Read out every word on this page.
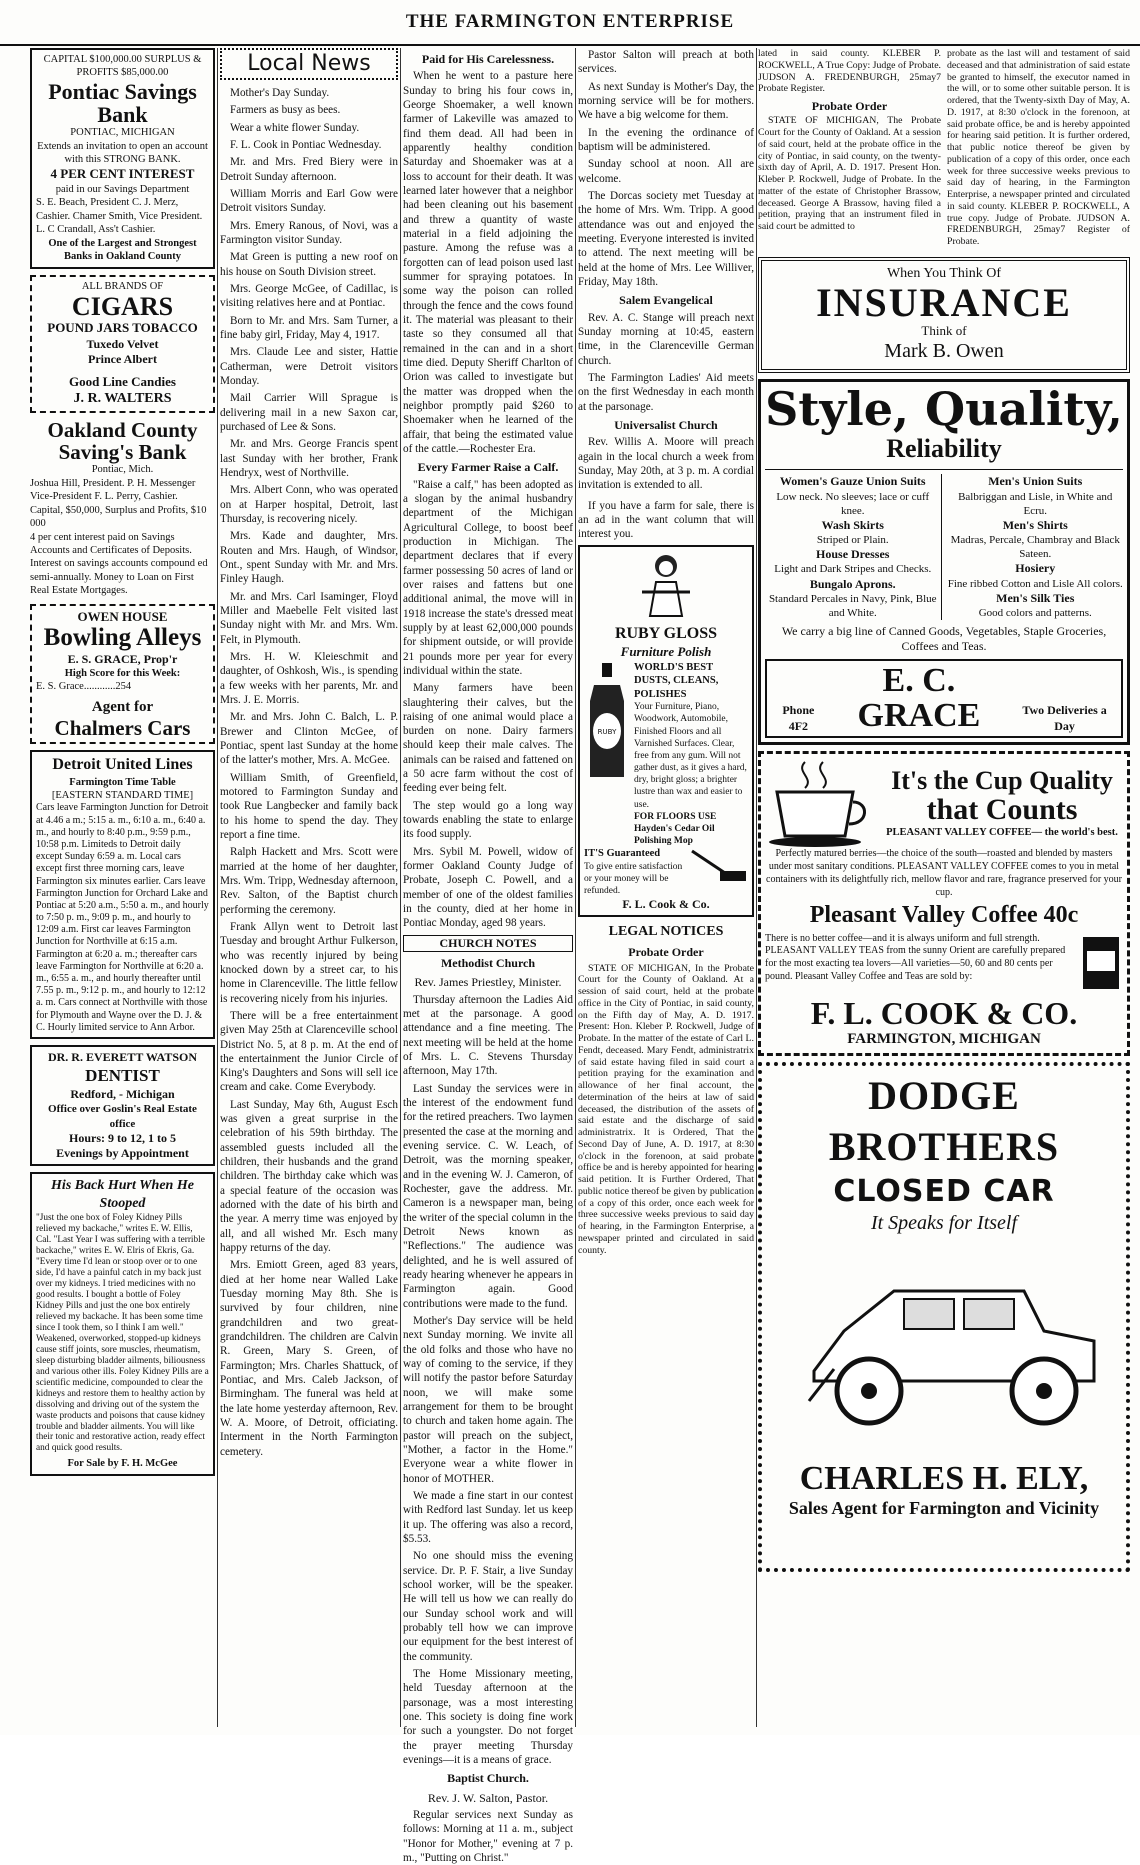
THE FARMINGTON ENTERPRISE
CAPITAL $100,000.00 SURPLUS & PROFITS $85,000.00
Pontiac Savings Bank
PONTIAC, MICHIGAN
Extends an invitation to open an account with this STRONG BANK.
4 PER CENT INTEREST
paid in our Savings Department
S. E. Beach, President C. J. Merz, Cashier. Chamer Smith, Vice President. L. C Crandall, Ass't Cashier.
One of the Largest and Strongest Banks in Oakland County
ALL BRANDS OF
CIGARS
POUND JARS TOBACCO
Tuxedo Velvet
Prince Albert
Good Line Candies
J. R. WALTERS
Oakland County Saving's Bank
Pontiac, Mich.
Joshua Hill, President. P. H. Messenger Vice-President F. L. Perry, Cashier.
Capital, $50,000, Surplus and Profits, $10 000
4 per cent interest paid on Savings Accounts and Certificates of Deposits. Interest on savings accounts compound ed semi-annually. Money to Loan on First Real Estate Mortgages.
OWEN HOUSE
Bowling Alleys
E. S. GRACE, Prop'r
High Score for this Week:
E. S. Grace............254
Agent for
Chalmers Cars
Detroit United Lines
Farmington Time Table
[EASTERN STANDARD TIME]
Cars leave Farmington Junction for Detroit at 4.46 a m.; 5:15 a. m., 6:10 a. m., 6:40 a. m., and hourly to 8:40 p.m., 9:59 p.m., 10:58 p.m. Limiteds to Detroit daily except Sunday 6:59 a. m. Local cars except first three morning cars, leave Farmington six minutes earlier. Cars leave Farmington Junction for Orchard Lake and Pontiac at 5:20 a.m., 5:50 a. m., and hourly to 7:50 p. m., 9:09 p. m., and hourly to 12:09 a.m. First car leaves Farmington Junction for Northville at 6:15 a.m. Farmington at 6:20 a. m.; thereafter cars leave Farmington for Northville at 6:20 a. m., 6:55 a. m., and hourly thereafter until 7.55 p. m., 9:12 p. m., and hourly to 12:12 a. m. Cars connect at Northville with those for Plymouth and Wayne over the D. J. & C. Hourly limited service to Ann Arbor.
DR. R. EVERETT WATSON
DENTIST
Redford, - Michigan
Office over Goslin's Real Estate office
Hours: 9 to 12, 1 to 5
Evenings by Appointment
His Back Hurt When He Stooped
"Just the one box of Foley Kidney Pills relieved my backache," writes E. W. Ellis, Cal. "Last Year I was suffering with a terrible backache," writes E. W. Elris of Ekris, Ga. "Every time I'd lean or stoop over or to one side, I'd have a painful catch in my back just over my kidneys. I tried medicines with no good results. I bought a bottle of Foley Kidney Pills and just the one box entirely relieved my backache. It has been some time since I took them, so I think I am well." Weakened, overworked, stopped-up kidneys cause stiff joints, sore muscles, rheumatism, sleep disturbing bladder ailments, biliousness and various other ills. Foley Kidney Pills are a scientific medicine, compounded to clear the kidneys and restore them to healthy action by dissolving and driving out of the system the waste products and poisons that cause kidney trouble and bladder ailments. You will like their tonic and restorative action, ready effect and quick good results.
For Sale by F. H. McGee
Local News

Mother's Day Sunday.

Farmers as busy as bees.

Wear a white flower Sunday.

F. L. Cook in Pontiac Wednesday.

Mr. and Mrs. Fred Biery were in Detroit Sunday afternoon.

William Morris and Earl Gow were Detroit visitors Sunday.

Mrs. Emery Ranous, of Novi, was a Farmington visitor Sunday.

Mat Green is putting a new roof on his house on South Division street.

Mrs. George McGee, of Cadillac, is visiting relatives here and at Pontiac.

Born to Mr. and Mrs. Sam Turner, a fine baby girl, Friday, May 4, 1917.

Mrs. Claude Lee and sister, Hattie Catherman, were Detroit visitors Monday.

Mail Carrier Will Sprague is delivering mail in a new Saxon car, purchased of Lee & Sons.

Mr. and Mrs. George Francis spent last Sunday with her brother, Frank Hendryx, west of Northville.

Mrs. Albert Conn, who was operated on at Harper hospital, Detroit, last Thursday, is recovering nicely.

Mrs. Kade and daughter, Mrs. Routen and Mrs. Haugh, of Windsor, Ont., spent Sunday with Mr. and Mrs. Finley Haugh.

Mr. and Mrs. Carl Isaminger, Floyd Miller and Maebelle Felt visited last Sunday night with Mr. and Mrs. Wm. Felt, in Plymouth.

Mrs. H. W. Kleieschmit and daughter, of Oshkosh, Wis., is spending a few weeks with her parents, Mr. and Mrs. J. E. Morris.

Mr. and Mrs. John C. Balch, L. P. Brewer and Clinton McGee, of Pontiac, spent last Sunday at the home of the latter's mother, Mrs. A. McGee.

William Smith, of Greenfield, motored to Farmington Sunday and took Rue Langbecker and family back to his home to spend the day. They report a fine time.

Ralph Hackett and Mrs. Scott were married at the home of her daughter, Mrs. Wm. Tripp, Wednesday afternoon, Rev. Salton, of the Baptist church performing the ceremony.

Frank Allyn went to Detroit last Tuesday and brought Arthur Fulkerson, who was recently injured by being knocked down by a street car, to his home in Clarenceville. The little fellow is recovering nicely from his injuries.

There will be a free entertainment given May 25th at Clarenceville school District No. 5, at 8 p. m. At the end of the entertainment the Junior Circle of King's Daughters and Sons will sell ice cream and cake. Come Everybody.

Last Sunday, May 6th, August Esch was given a great surprise in the celebration of his 59th birthday. The assembled guests included all the children, their husbands and the grand children. The birthday cake which was a special feature of the occasion was adorned with the date of his birth and the year. A merry time was enjoyed by all, and all wished Mr. Esch many happy returns of the day.

Mrs. Emiott Green, aged 83 years, died at her home near Walled Lake Tuesday morning May 8th. She is survived by four children, nine grandchildren and two great-grandchildren. The children are Calvin R. Green, Mary S. Green, of Farmington; Mrs. Charles Shattuck, of Pontiac, and Mrs. Caleb Jackson, of Birmingham. The funeral was held at the late home yesterday afternoon, Rev. W. A. Moore, of Detroit, officiating. Interment in the North Farmington cemetery.

Paid for His Carelessness.

When he went to a pasture here Sunday to bring his four cows in, George Shoemaker, a well known farmer of Lakeville was amazed to find them dead. All had been in apparently healthy condition Saturday and Shoemaker was at a loss to account for their death. It was learned later however that a neighbor had been cleaning out his basement and threw a quantity of waste material in a field adjoining the pasture. Among the refuse was a forgotten can of lead poison used last summer for spraying potatoes. In some way the poison can rolled through the fence and the cows found it. The material was pleasant to their taste so they consumed all that remained in the can and in a short time died. Deputy Sheriff Charlton of Orion was called to investigate but the matter was dropped when the neighbor promptly paid $260 to Shoemaker when he learned of the affair, that being the estimated value of the cattle.—Rochester Era.

Every Farmer Raise a Calf.

"Raise a calf," has been adopted as a slogan by the animal husbandry department of the Michigan Agricultural College, to boost beef production in Michigan. The department declares that if every farmer possessing 50 acres of land or over raises and fattens but one additional animal, the move will in 1918 increase the state's dressed meat supply by at least 62,000,000 pounds for shipment outside, or will provide 21 pounds more per year for every individual within the state.

Many farmers have been slaughtering their calves, but the raising of one animal would place a burden on none. Dairy farmers should keep their male calves. The animals can be raised and fattened on a 50 acre farm without the cost of feeding ever being felt.

The step would go a long way towards enabling the state to enlarge its food supply.

Mrs. Sybil M. Powell, widow of former Oakland County Judge of Probate, Joseph C. Powell, and a member of one of the oldest families in the county, died at her home in Pontiac Monday, aged 98 years.

CHURCH NOTES
Methodist Church
Rev. James Priestley, Minister.

Thursday afternoon the Ladies Aid met at the parsonage. A good attendance and a fine meeting. The next meeting will be held at the home of Mrs. L. C. Stevens Thursday afternoon, May 17th.

Last Sunday the services were in the interest of the endowment fund for the retired preachers. Two laymen presented the case at the morning and evening service. C. W. Leach, of Detroit, was the morning speaker, and in the evening W. J. Cameron, of Rochester, gave the address. Mr. Cameron is a newspaper man, being the writer of the special column in the Detroit News known as "Reflections." The audience was delighted, and he is well assured of ready hearing whenever he appears in Farmington again. Good contributions were made to the fund.

Mother's Day service will be held next Sunday morning. We invite all the old folks and those who have no way of coming to the service, if they will notify the pastor before Saturday noon, we will make some arrangement for them to be brought to church and taken home again. The pastor will preach on the subject, "Mother, a factor in the Home." Everyone wear a white flower in honor of MOTHER.

We made a fine start in our contest with Redford last Sunday. let us keep it up. The offering was also a record, $5.53.

No one should miss the evening service. Dr. P. F. Stair, a live Sunday school worker, will be the speaker. He will tell us how we can really do our Sunday school work and will probably tell how we can improve our equipment for the best interest of the community.

The Home Missionary meeting, held Tuesday afternoon at the parsonage, was a most interesting one. This society is doing fine work for such a youngster. Do not forget the prayer meeting Thursday evenings—it is a means of grace.

Baptist Church.
Rev. J. W. Salton, Pastor.

Regular services next Sunday as follows: Morning at 11 a. m., subject "Honor for Mother," evening at 7 p. m., "Putting on Christ."

Pastor Salton will preach at both services.

As next Sunday is Mother's Day, the morning service will be for mothers. We have a big welcome for them.

In the evening the ordinance of baptism will be administered.

Sunday school at noon. All are welcome.

The Dorcas society met Tuesday at the home of Mrs. Wm. Tripp. A good attendance was out and enjoyed the meeting. Everyone interested is invited to attend. The next meeting will be held at the home of Mrs. Lee Williver, Friday, May 18th.

Salem Evangelical

Rev. A. C. Stange will preach next Sunday morning at 10:45, eastern time, in the Clarenceville German church.

The Farmington Ladies' Aid meets on the first Wednesday in each month at the parsonage.

Universalist Church

Rev. Willis A. Moore will preach again in the local church a week from Sunday, May 20th, at 3 p. m. A cordial invitation is extended to all.

If you have a farm for sale, there is an ad in the want column that will interest you.

RUBY GLOSS
Furniture Polish
RUBY
WORLD'S BEST
DUSTS, CLEANS, POLISHES
Your Furniture, Piano, Woodwork, Automobile, Finished Floors and all Varnished Surfaces. Clear, free from any gum. Will not gather dust, as it gives a hard, dry, bright gloss; a brighter lustre than wax and easier to use.
FOR FLOORS USE Hayden's Cedar Oil Polishing Mop
IT'S Guaranteed
To give entire satisfaction or your money will be refunded.
F. L. Cook & Co.
LEGAL NOTICES
Probate Order

STATE OF MICHIGAN, In the Probate Court for the County of Oakland. At a session of said court, held at the probate office in the City of Pontiac, in said county, on the Fifth day of May, A. D. 1917. Present: Hon. Kleber P. Rockwell, Judge of Probate. In the matter of the estate of Carl L. Fendt, deceased. Mary Fendt, administratrix of said estate having filed in said court a petition praying for the examination and allowance of her final account, the determination of the heirs at law of said deceased, the distribution of the assets of said estate and the discharge of said administratrix. It is Ordered, That the Second Day of June, A. D. 1917, at 8:30 o'clock in the forenoon, at said probate office be and is hereby appointed for hearing said petition. It is Further Ordered, That public notice thereof be given by publication of a copy of this order, once each week for three successive weeks previous to said day of hearing, in the Farmington Enterprise, a newspaper printed and circulated in said county.

lated in said county. KLEBER P. ROCKWELL, A True Copy: Judge of Probate. JUDSON A. FREDENBURGH, 25may7 Probate Register.

Probate Order

STATE OF MICHIGAN, The Probate Court for the County of Oakland. At a session of said court, held at the probate office in the city of Pontiac, in said county, on the twenty-sixth day of April, A. D. 1917. Present Hon. Kleber P. Rockwell, Judge of Probate. In the matter of the estate of Christopher Brassow, deceased. George A Brassow, having filed a petition, praying that an instrument filed in said court be admitted to

probate as the last will and testament of said deceased and that administration of said estate be granted to himself, the executor named in the will, or to some other suitable person. It is ordered, that the Twenty-sixth Day of May, A. D. 1917, at 8:30 o'clock in the forenoon, at said probate office, be and is hereby appointed for hearing said petition. It is further ordered, that public notice thereof be given by publication of a copy of this order, once each week for three successive weeks previous to said day of hearing, in the Farmington Enterprise, a newspaper printed and circulated in said county. KLEBER P. ROCKWELL, A true copy. Judge of Probate. JUDSON A. FREDENBURGH, 25may7 Register of Probate.

When You Think Of
INSURANCE
Think of
Mark B. Owen
Style, Quality,
Reliability
Women's Gauze Union Suits
Low neck. No sleeves; lace or cuff knee.
Wash Skirts
Striped or Plain.
House Dresses
Light and Dark Stripes and Checks.
Bungalo Aprons.
Standard Percales in Navy, Pink, Blue and White.
Men's Union Suits
Balbriggan and Lisle, in White and Ecru.
Men's Shirts
Madras, Percale, Chambray and Black Sateen.
Hosiery
Fine ribbed Cotton and Lisle All colors.
Men's Silk Ties
Good colors and patterns.
We carry a big line of Canned Goods, Vegetables, Staple Groceries, Coffees and Teas.
Phone 4F2
E. C. GRACE	Two Deliveries a Day
It's the Cup Quality
that Counts
PLEASANT VALLEY COFFEE— the world's best.
Perfectly matured berries—the choice of the south—roasted and blended by masters under most sanitary conditions. PLEASANT VALLEY COFFEE comes to you in metal containers with its delightfully rich, mellow flavor and rare, fragrance preserved for your cup.
Pleasant Valley Coffee 40c
There is no better coffee—and it is always uniform and full strength. PLEASANT VALLEY TEAS from the sunny Orient are carefully prepared for the most exacting tea lovers—All varieties—50, 60 and 80 cents per pound. Pleasant Valley Coffee and Teas are sold by:
F. L. COOK & CO.
FARMINGTON, MICHIGAN
DODGE BROTHERS
CLOSED CAR
It Speaks for Itself
CHARLES H. ELY,
Sales Agent for Farmington and Vicinity
